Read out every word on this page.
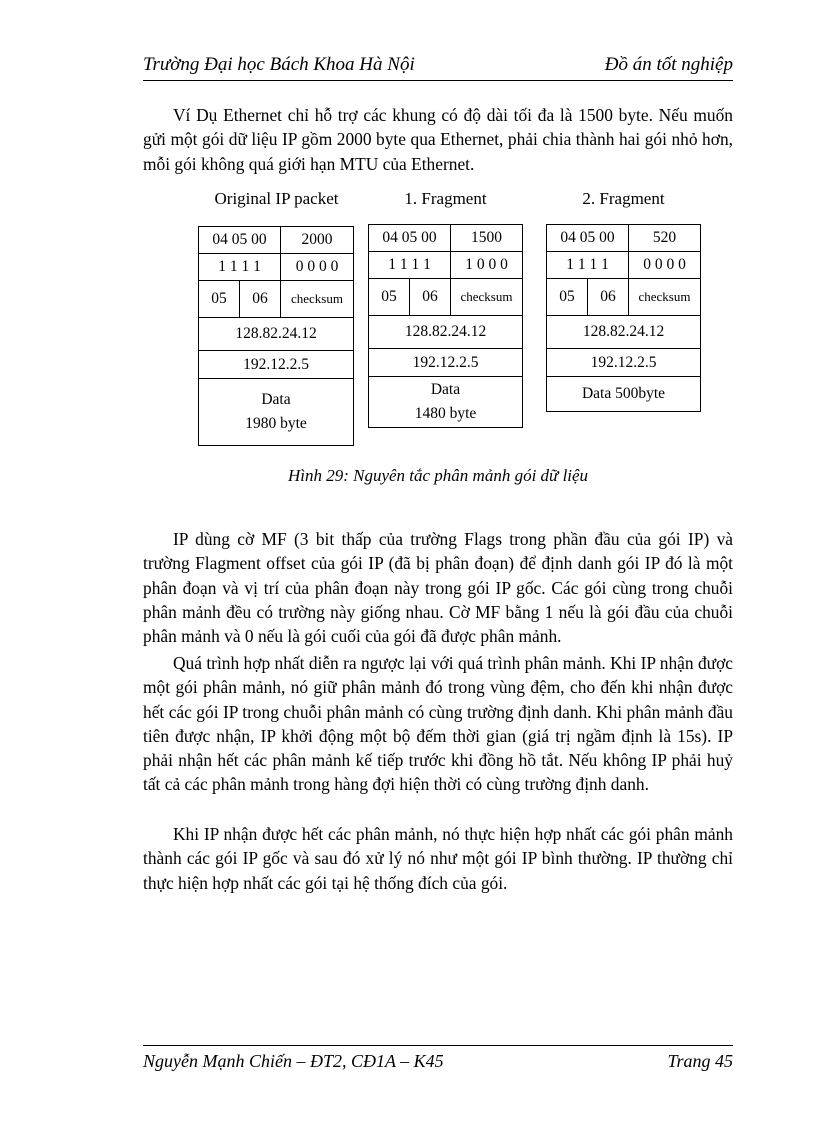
Trường Đại học Bách Khoa Hà Nội	Đồ án tốt nghiệp

Ví Dụ Ethernet chỉ hỗ trợ các khung có độ dài tối đa là 1500 byte. Nếu muốn gửi một gói dữ liệu IP gồm 2000 byte qua Ethernet, phải chia thành hai gói nhỏ hơn, mỗi gói không quá giới hạn MTU của Ethernet.

Original IP packet
04 05 00		2000
1 1 1 1		0 0 0 0
05	06	checksum
128.82.24.12		
192.12.2.5		
Data
1980 byte		
1. Fragment
04 05 00		1500
1 1 1 1		1 0 0 0
05	06	checksum
128.82.24.12		
192.12.2.5		
Data
1480 byte		
2. Fragment
04 05 00		520
1 1 1 1		0 0 0 0
05	06	checksum
128.82.24.12		
192.12.2.5		
Data 500byte		
Hình 29: Nguyên tắc phân mảnh gói dữ liệu

IP dùng cờ MF (3 bit thấp của trường Flags trong phần đầu của gói IP) và trường Flagment offset của gói IP (đã bị phân đoạn) để định danh gói IP đó là một phân đoạn và vị trí của phân đoạn này trong gói IP gốc. Các gói cùng trong chuỗi phân mảnh đều có trường này giống nhau. Cờ MF bằng 1 nếu là gói đầu của chuỗi phân mảnh và 0 nếu là gói cuối của gói đã được phân mảnh.

Quá trình hợp nhất diễn ra ngược lại với quá trình phân mảnh. Khi IP nhận được một gói phân mảnh, nó giữ phân mảnh đó trong vùng đệm, cho đến khi nhận được hết các gói IP trong chuỗi phân mảnh có cùng trường định danh. Khi phân mảnh đầu tiên được nhận, IP khởi động một bộ đếm thời gian (giá trị ngầm định là 15s). IP phải nhận hết các phân mảnh kế tiếp trước khi đồng hồ tắt. Nếu không IP phải huỷ tất cả các phân mảnh trong hàng đợi hiện thời có cùng trường định danh.

Khi IP nhận được hết các phân mảnh, nó thực hiện hợp nhất các gói phân mảnh thành các gói IP gốc và sau đó xử lý nó như một gói IP bình thường. IP thường chỉ thực hiện hợp nhất các gói tại hệ thống đích của gói.

Nguyễn Mạnh Chiến – ĐT2, CĐ1A – K45	Trang 45
